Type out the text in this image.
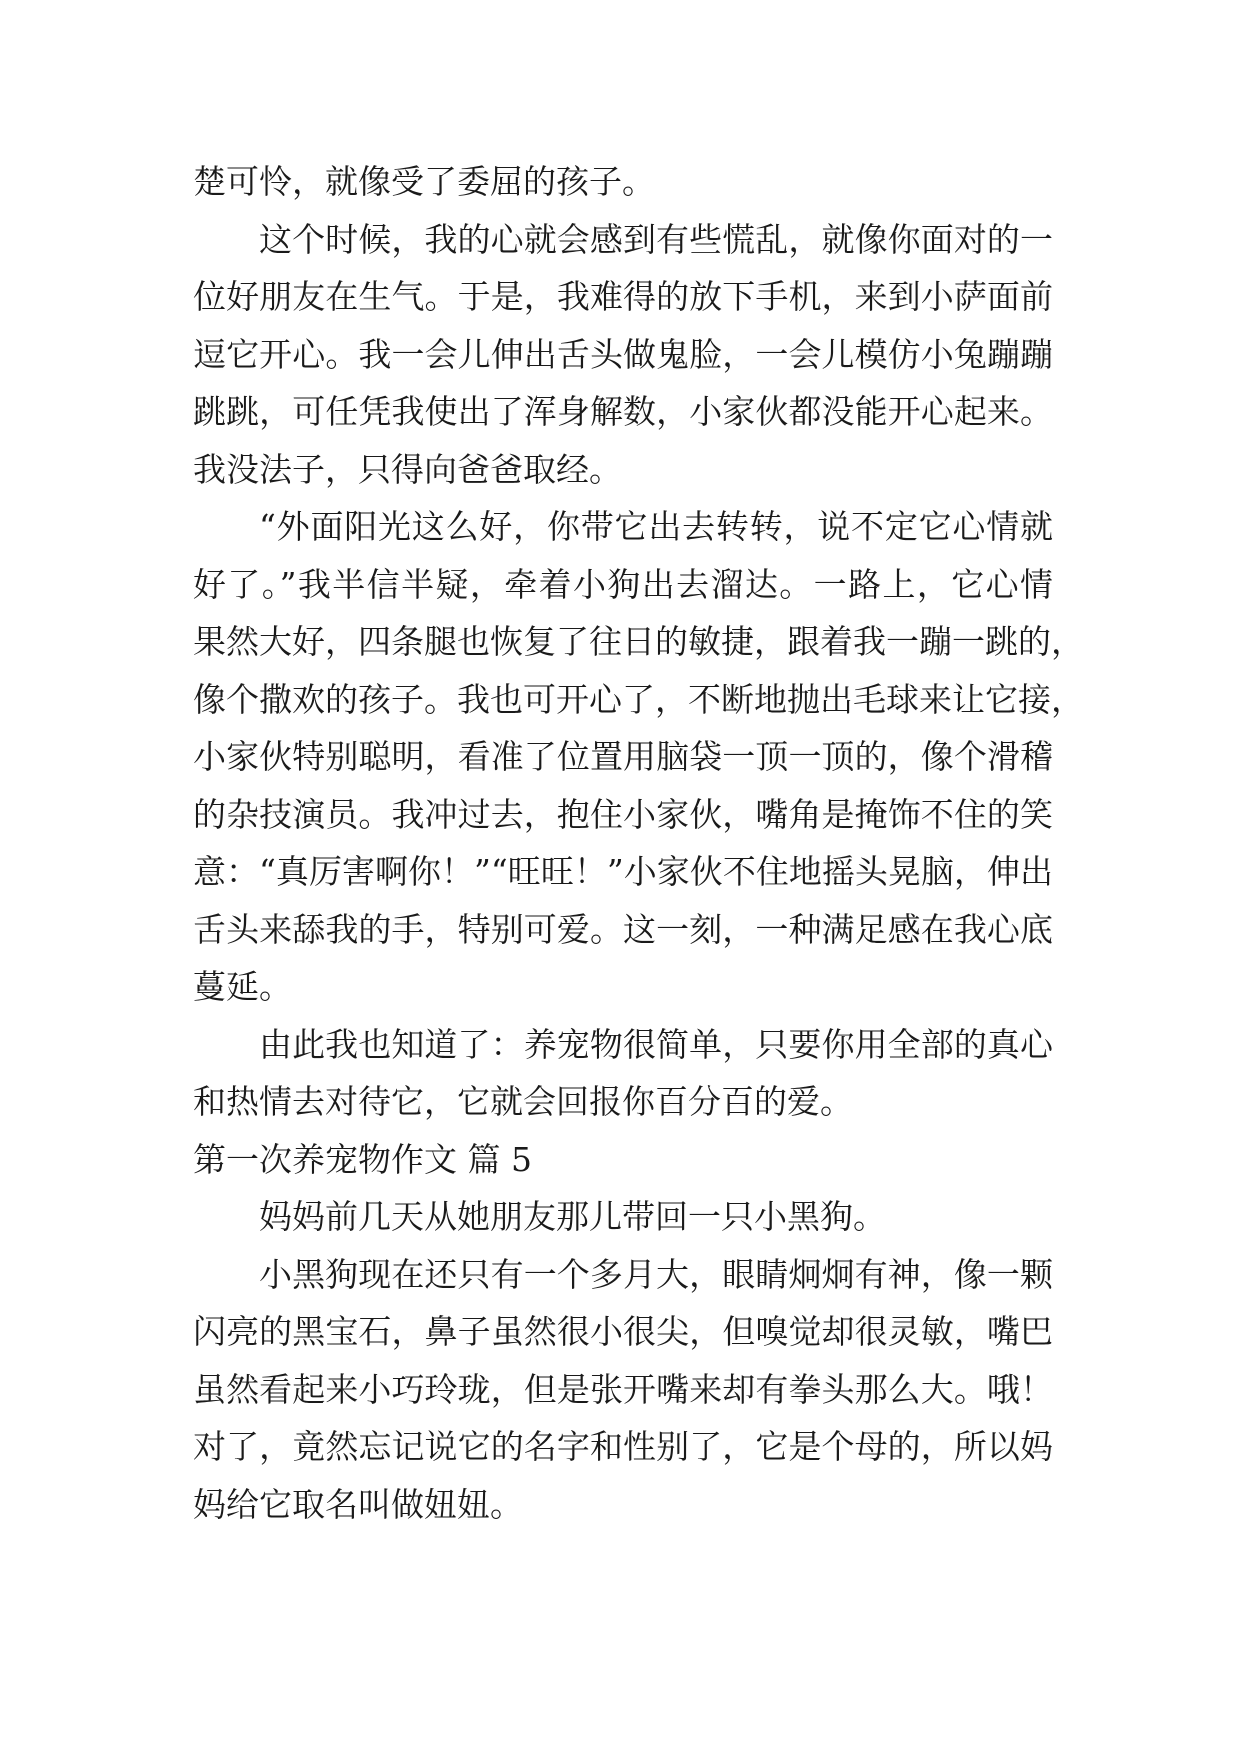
楚可怜，就像受了委屈的孩子。
这个时候，我的心就会感到有些慌乱，就像你面对的一
位好朋友在生气。于是，我难得的放下手机，来到小萨面前
逗它开心。我一会儿伸出舌头做鬼脸，一会儿模仿小兔蹦蹦
跳跳，可任凭我使出了浑身解数，小家伙都没能开心起来。
我没法子，只得向爸爸取经。
“外面阳光这么好，你带它出去转转，说不定它心情就
好了。”我半信半疑，牵着小狗出去溜达。一路上，它心情
果然大好，四条腿也恢复了往日的敏捷，跟着我一蹦一跳的，
像个撒欢的孩子。我也可开心了，不断地抛出毛球来让它接，
小家伙特别聪明，看准了位置用脑袋一顶一顶的，像个滑稽
的杂技演员。我冲过去，抱住小家伙，嘴角是掩饰不住的笑
意：“真厉害啊你！”“旺旺！”小家伙不住地摇头晃脑，伸出
舌头来舔我的手，特别可爱。这一刻，一种满足感在我心底
蔓延。
由此我也知道了：养宠物很简单，只要你用全部的真心
和热情去对待它，它就会回报你百分百的爱。
第一次养宠物作文 篇 5
妈妈前几天从她朋友那儿带回一只小黑狗。
小黑狗现在还只有一个多月大，眼睛炯炯有神，像一颗
闪亮的黑宝石，鼻子虽然很小很尖，但嗅觉却很灵敏，嘴巴
虽然看起来小巧玲珑，但是张开嘴来却有拳头那么大。哦！
对了，竟然忘记说它的名字和性别了，它是个母的，所以妈
妈给它取名叫做妞妞。
